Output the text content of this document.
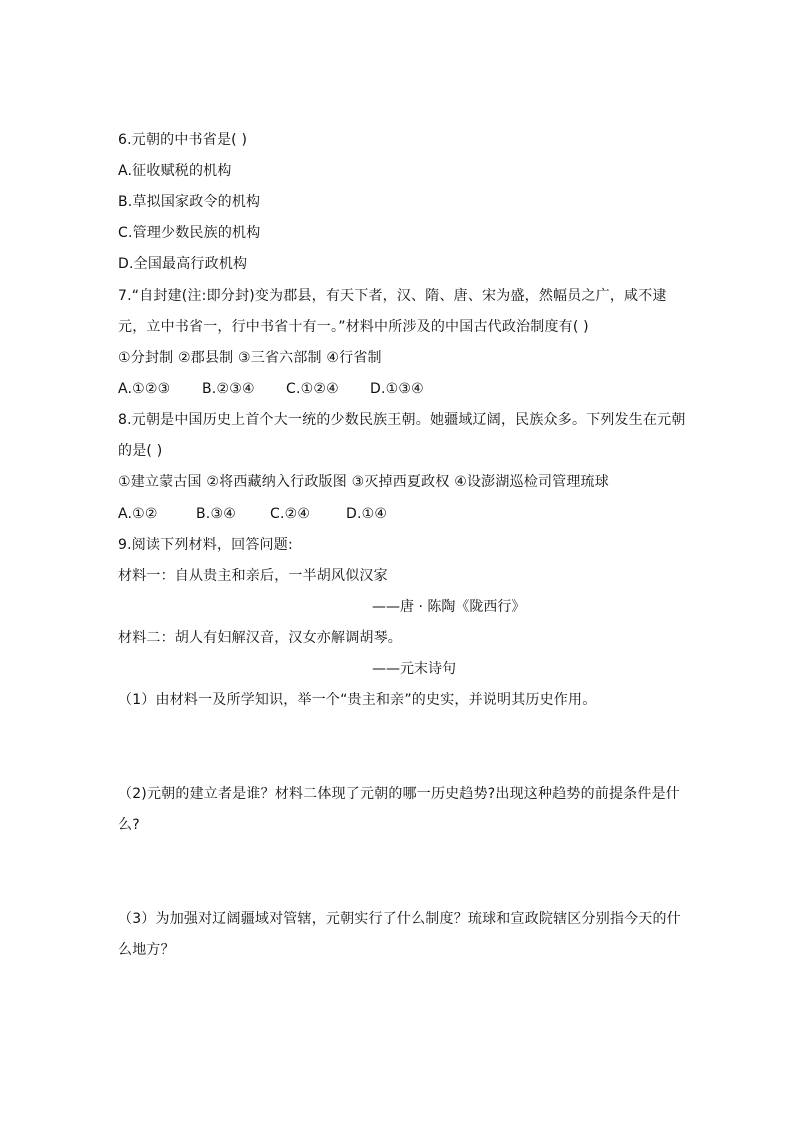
6.元朝的中书省是( )
A.征收赋税的机构
B.草拟国家政令的机构
C.管理少数民族的机构
D.全国最高行政机构
7.“自封建(注:即分封)变为郡县，有天下者，汉、隋、唐、宋为盛，然幅员之广，咸不逮
元，立中书省一，行中书省十有一。”材料中所涉及的中国古代政治制度有( )
①分封制 ②郡县制 ③三省六部制 ④行省制
A.①②③ B.②③④ C.①②④ D.①③④
8.元朝是中国历史上首个大一统的少数民族王朝。她疆域辽阔，民族众多。下列发生在元朝
的是( )
①建立蒙古国 ②将西藏纳入行政版图 ③灭掉西夏政权 ④设澎湖巡检司管理琉球
A.①②	B.③④ C.②④	D.①④
9.阅读下列材料，回答问题:
材料一：自从贵主和亲后，一半胡风似汉家
——唐 · 陈陶《陇西行》
材料二：胡人有妇解汉音，汉女亦解调胡琴。
——元末诗句
（1）由材料一及所学知识，举一个“贵主和亲”的史实，并说明其历史作用。
（2)元朝的建立者是谁？材料二体现了元朝的哪一历史趋势?出现这种趋势的前提条件是什
么?
（3）为加强对辽阔疆域对管辖，元朝实行了什么制度？琉球和宣政院辖区分别指今天的什
么地方？
